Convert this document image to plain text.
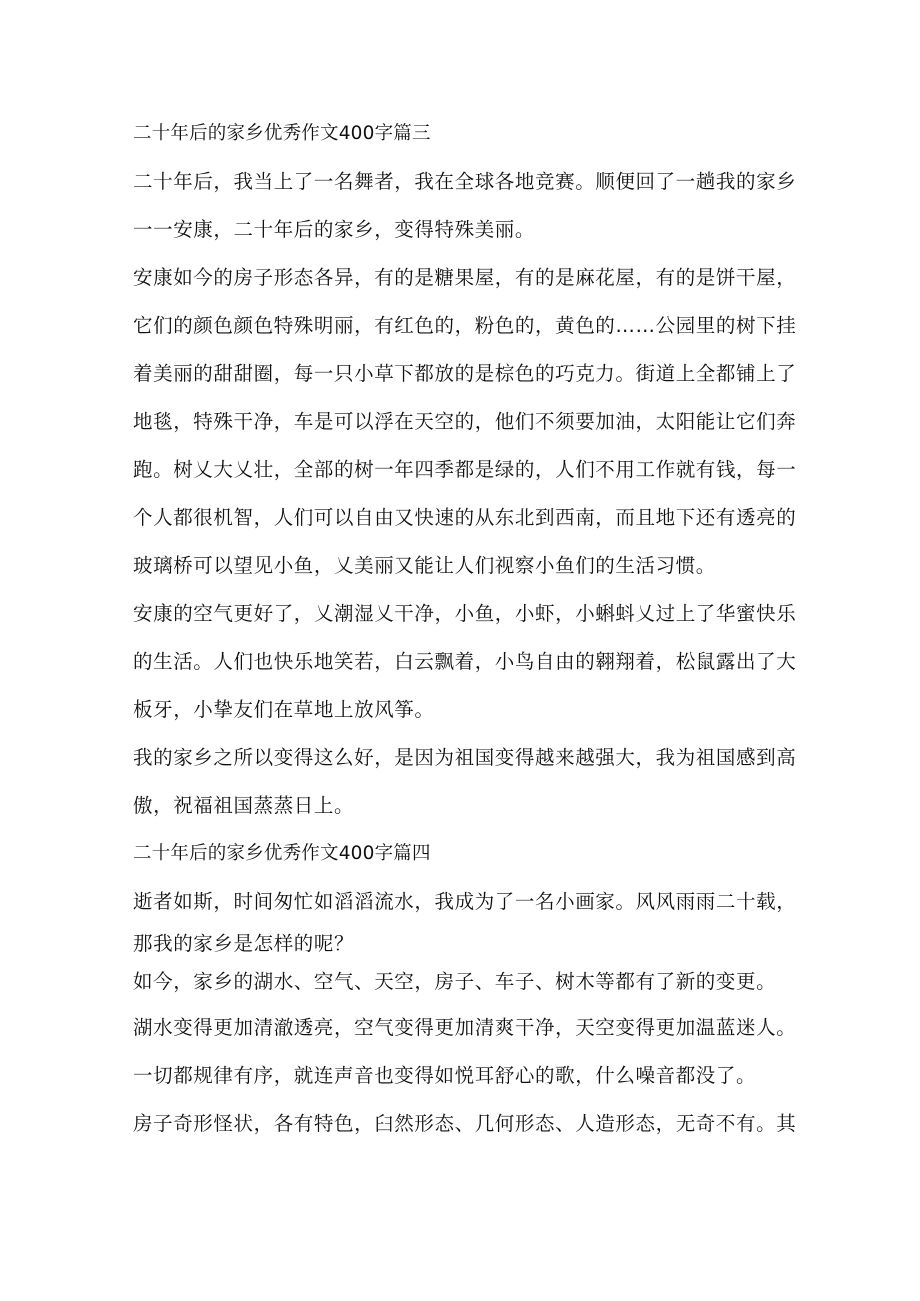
二十年后的家乡优秀作文400字篇三
二十年后，我当上了一名舞者，我在全球各地竞赛。顺便回了一趟我的家乡
一一安康，二十年后的家乡，变得特殊美丽。
安康如今的房子形态各异，有的是糖果屋，有的是麻花屋，有的是饼干屋，
它们的颜色颜色特殊明丽，有红色的，粉色的，黄色的……公园里的树下挂
着美丽的甜甜圈，每一只小草下都放的是棕色的巧克力。街道上全都铺上了
地毯，特殊干净，车是可以浮在天空的，他们不须要加油，太阳能让它们奔
跑。树乂大乂壮，全部的树一年四季都是绿的，人们不用工作就有钱，每一
个人都很机智，人们可以自由又快速的从东北到西南，而且地下还有透亮的
玻璃桥可以望见小鱼，乂美丽又能让人们视察小鱼们的生活习惯。
安康的空气更好了，乂潮湿乂干净，小鱼，小虾，小蝌蚪乂过上了华蜜快乐
的生活。人们也快乐地笑若，白云飘着，小鸟自由的翱翔着，松鼠露出了大
板牙，小挚友们在草地上放风筝。
我的家乡之所以变得这么好，是因为祖国变得越来越强大，我为祖国感到高
傲，祝福祖国蒸蒸日上。
二十年后的家乡优秀作文400字篇四
逝者如斯，时间匆忙如滔滔流水，我成为了一名小画家。风风雨雨二十载，
那我的家乡是怎样的呢？
如今，家乡的湖水、空气、天空，房子、车子、树木等都有了新的变更。
湖水变得更加清澈透亮，空气变得更加清爽干净，天空变得更加温蓝迷人。
一切都规律有序，就连声音也变得如悦耳舒心的歌，什么噪音都没了。
房子奇形怪状，各有特色，臼然形态、几何形态、人造形态，无奇不有。其
